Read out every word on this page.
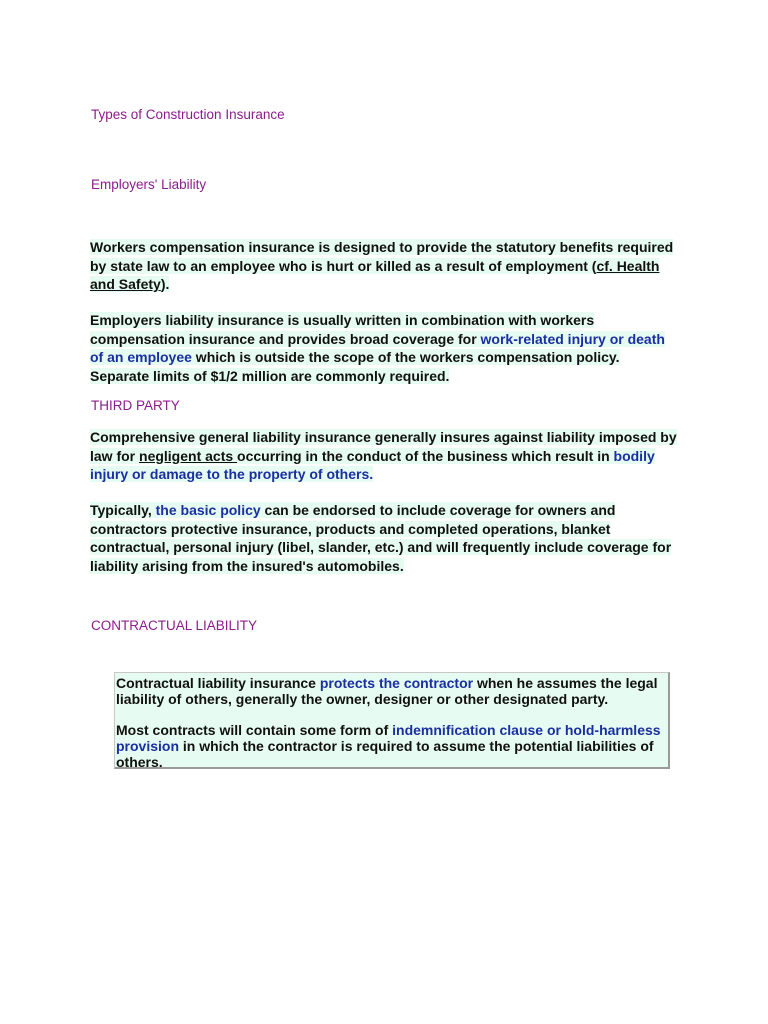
Types of Construction Insurance
Employers' Liability

Workers compensation insurance is designed to provide the statutory benefits required by state law to an employee who is hurt or killed as a result of employment (cf. Health and Safety).

Employers liability insurance is usually written in combination with workers compensation insurance and provides broad coverage for work-related injury or death of an employee which is outside the scope of the workers compensation policy. Separate limits of $1/2 million are commonly required.

THIRD PARTY

Comprehensive general liability insurance generally insures against liability imposed by law for negligent acts occurring in the conduct of the business which result in bodily injury or damage to the property of others.

Typically, the basic policy can be endorsed to include coverage for owners and contractors protective insurance, products and completed operations, blanket contractual, personal injury (libel, slander, etc.) and will frequently include coverage for liability arising from the insured's automobiles.

CONTRACTUAL LIABILITY

Contractual liability insurance protects the contractor when he assumes the legal liability of others, generally the owner, designer or other designated party.

Most contracts will contain some form of indemnification clause or hold-harmless provision in which the contractor is required to assume the potential liabilities of others.
